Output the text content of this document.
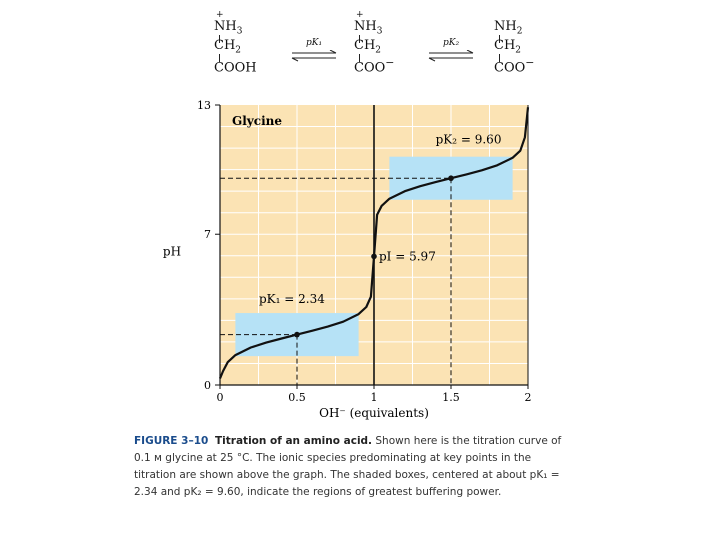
+
$NH_3$
$CH_2$
COOH
+
$NH_3$
$CH_2$
COO−
$NH_2$
$CH_2$
COO−
pK₁	pK₂
pK₁ = 2.34
pI = 5.97
pK₂ = 9.60
Glycine
0
7
13
0	0.5	1	1.5	2
pH
OH⁻ (equivalents)
FIGURE 3–10 Titration of an amino acid. Shown here is the titration curve of 0.1 м glycine at 25 °C. The ionic species predominating at key points in the titration are shown above the graph. The shaded boxes, centered at about pK₁ = 2.34 and pK₂ = 9.60, indicate the regions of greatest buffering power.
